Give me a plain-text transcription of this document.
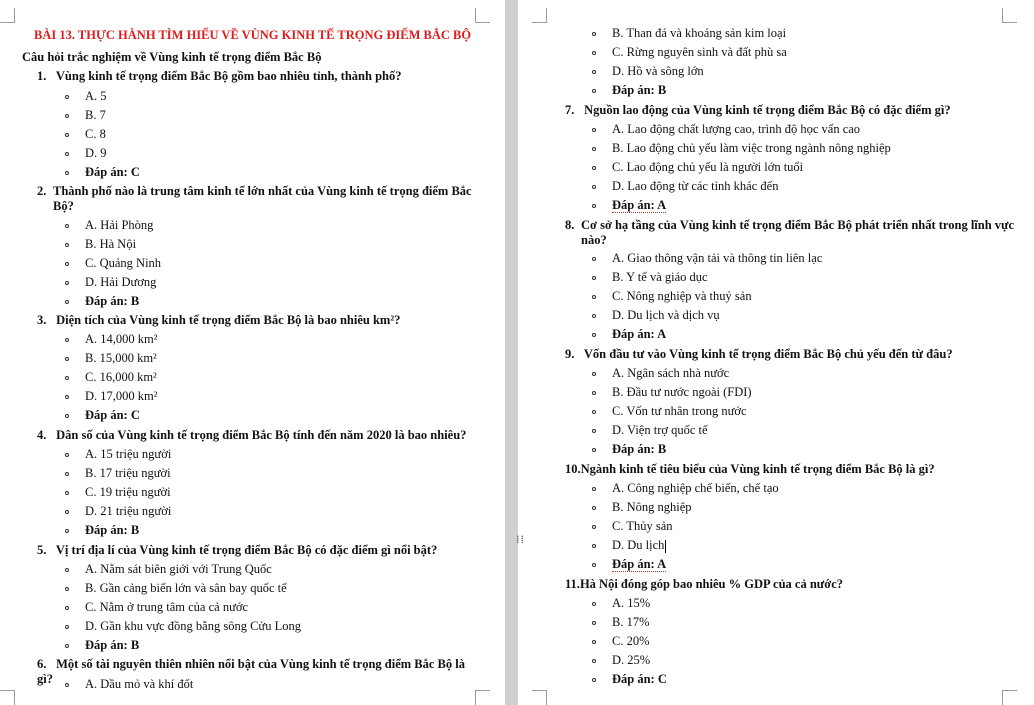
BÀI 13. THỰC HÀNH TÌM HIỂU VỀ VÙNG KINH TẾ TRỌNG ĐIỂM BẮC BỘ
Câu hỏi trắc nghiệm về Vùng kinh tế trọng điểm Bắc Bộ
1. Vùng kinh tế trọng điểm Bắc Bộ gồm bao nhiêu tỉnh, thành phố?
A. 5
B. 7
C. 8
D. 9
Đáp án: C
2. Thành phố nào là trung tâm kinh tế lớn nhất của Vùng kinh tế trọng điểm Bắc Bộ?
A. Hải Phòng
B. Hà Nội
C. Quảng Ninh
D. Hải Dương
Đáp án: B
3. Diện tích của Vùng kinh tế trọng điểm Bắc Bộ là bao nhiêu km²?
A. 14,000 km²
B. 15,000 km²
C. 16,000 km²
D. 17,000 km²
Đáp án: C
4. Dân số của Vùng kinh tế trọng điểm Bắc Bộ tính đến năm 2020 là bao nhiêu?
A. 15 triệu người
B. 17 triệu người
C. 19 triệu người
D. 21 triệu người
Đáp án: B
5. Vị trí địa lí của Vùng kinh tế trọng điểm Bắc Bộ có đặc điểm gì nổi bật?
A. Nằm sát biên giới với Trung Quốc
B. Gần cảng biển lớn và sân bay quốc tế
C. Nằm ở trung tâm của cả nước
D. Gần khu vực đồng bằng sông Cửu Long
Đáp án: B
6. Một số tài nguyên thiên nhiên nổi bật của Vùng kinh tế trọng điểm Bắc Bộ là gì?	A. Dầu mỏ và khí đốt
B. Than đá và khoáng sản kim loại
C. Rừng nguyên sinh và đất phù sa
D. Hồ và sông lớn
Đáp án: B
7. Nguồn lao động của Vùng kinh tế trọng điểm Bắc Bộ có đặc điểm gì?
A. Lao động chất lượng cao, trình độ học vấn cao
B. Lao động chủ yếu làm việc trong ngành nông nghiệp
C. Lao động chủ yếu là người lớn tuổi
D. Lao động từ các tỉnh khác đến
Đáp án: A
8. Cơ sở hạ tầng của Vùng kinh tế trọng điểm Bắc Bộ phát triển nhất trong lĩnh vực nào?
A. Giao thông vận tải và thông tin liên lạc
B. Y tế và giáo dục
C. Nông nghiệp và thuỷ sản
D. Du lịch và dịch vụ
Đáp án: A
9. Vốn đầu tư vào Vùng kinh tế trọng điểm Bắc Bộ chủ yếu đến từ đâu?
A. Ngân sách nhà nước
B. Đầu tư nước ngoài (FDI)
C. Vốn tư nhân trong nước
D. Viện trợ quốc tế
Đáp án: B
10.Ngành kinh tế tiêu biểu của Vùng kinh tế trọng điểm Bắc Bộ là gì?
A. Công nghiệp chế biến, chế tạo
B. Nông nghiệp
C. Thủy sản
D. Du lịch
Đáp án: A
11.Hà Nội đóng góp bao nhiêu % GDP của cả nước?
A. 15%
B. 17%
C. 20%
D. 25%
Đáp án: C
⁞⁞
